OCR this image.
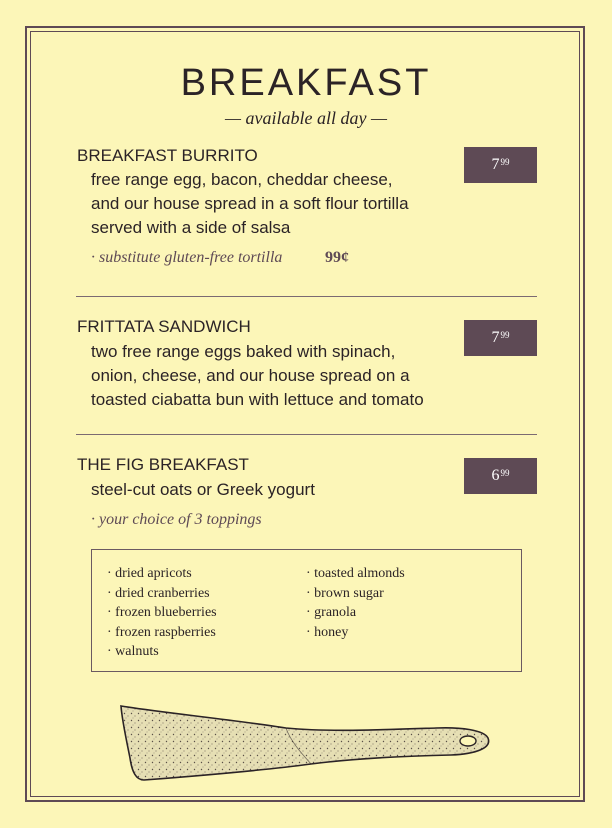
BREAKFAST
— available all day —
BREAKFAST BURRITO	$7^{99}$
free range egg, bacon, cheddar cheese,
and our house spread in a soft flour tortilla
served with a side of salsa
· substitute gluten-free tortilla	99¢
FRITTATA SANDWICH
$7^{99}$
two free range eggs baked with spinach,
onion, cheese, and our house spread on a
toasted ciabatta bun with lettuce and tomato
THE FIG BREAKFAST
$6^{99}$
steel-cut oats or Greek yogurt
· your choice of 3 toppings
· dried apricots
· dried cranberries
· frozen blueberries
· frozen raspberries
· walnuts
· toasted almonds
· brown sugar
· granola
· honey
